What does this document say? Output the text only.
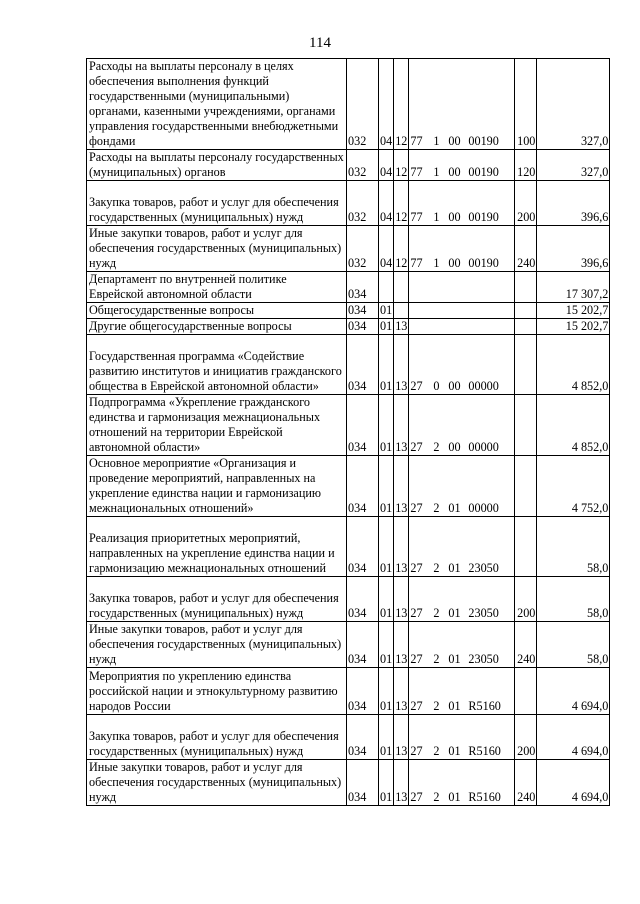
114
Расходы на выплаты персоналу в целях обеспечения выполнения функций государственными (муниципальными) органами, казенными учреждениями, органами управления государственными внебюджетными фондами	032	04	12	77 1 00 00190	100	327,0
Расходы на выплаты персоналу государственных (муниципальных) органов	032	04	12	77 1 00 00190	120	327,0
Закупка товаров, работ и услуг для обеспечения государственных (муниципальных) нужд	032	04	12	77 1 00 00190	200	396,6
Иные закупки товаров, работ и услуг для обеспечения государственных (муниципальных) нужд	032	04	12	77 1 00 00190	240	396,6
Департамент по внутренней политике Еврейской автономной области	034					17 307,2
Общегосударственные вопросы	034	01				15 202,7
Другие общегосударственные вопросы	034	01	13			15 202,7
Государственная программа «Содействие развитию институтов и инициатив гражданского общества в Еврейской автономной области»	034	01	13	27 0 00 00000		4 852,0
Подпрограмма «Укрепление гражданского единства и гармонизация межнациональных отношений на территории Еврейской автономной области»	034	01	13	27 2 00 00000		4 852,0
Основное мероприятие «Организация и проведение мероприятий, направленных на укрепление единства нации и гармонизацию межнациональных отношений»	034	01	13	27 2 01 00000		4 752,0
Реализация приоритетных мероприятий, направленных на укрепление единства нации и гармонизацию межнациональных отношений	034	01	13	27 2 01 23050		58,0
Закупка товаров, работ и услуг для обеспечения государственных (муниципальных) нужд	034	01	13	27 2 01 23050	200	58,0
Иные закупки товаров, работ и услуг для обеспечения государственных (муниципальных) нужд	034	01	13	27 2 01 23050	240	58,0
Мероприятия по укреплению единства российской нации и этнокультурному развитию народов России	034	01	13	27 2 01 R5160		4 694,0
Закупка товаров, работ и услуг для обеспечения государственных (муниципальных) нужд	034	01	13	27 2 01 R5160	200	4 694,0
Иные закупки товаров, работ и услуг для обеспечения государственных (муниципальных) нужд	034	01	13	27 2 01 R5160	240	4 694,0
